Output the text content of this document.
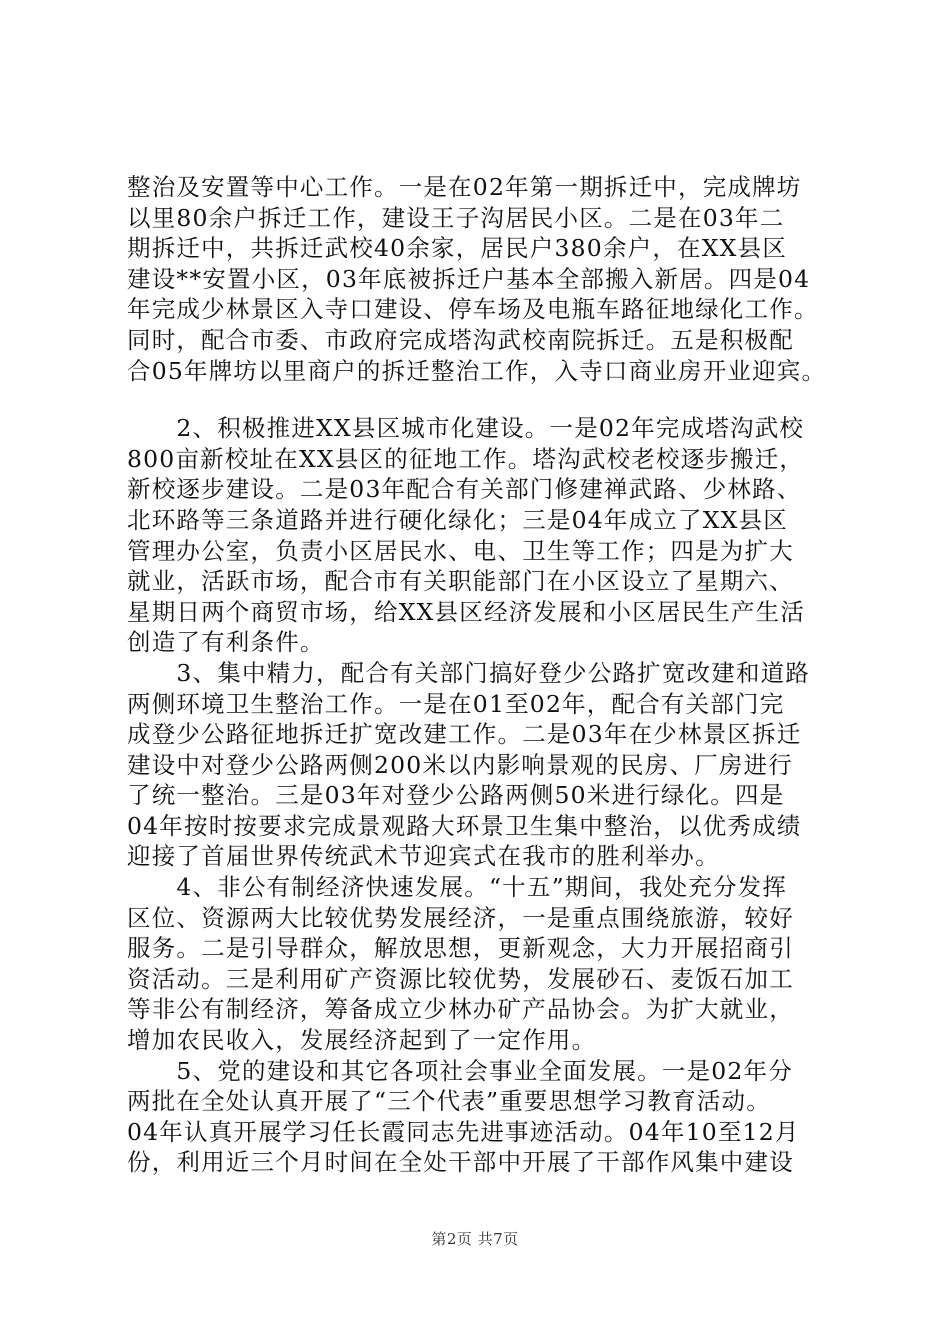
整治及安置等中心工作。一是在02年第一期拆迁中，完成牌坊
以里80余户拆迁工作，建设王子沟居民小区。二是在03年二
期拆迁中，共拆迁武校40余家，居民户380余户，在XX县区
建设**安置小区，03年底被拆迁户基本全部搬入新居。四是04
年完成少林景区入寺口建设、停车场及电瓶车路征地绿化工作。
同时，配合市委、市政府完成塔沟武校南院拆迁。五是积极配
合05年牌坊以里商户的拆迁整治工作，入寺口商业房开业迎宾。
　　2、积极推进XX县区城市化建设。一是02年完成塔沟武校
800亩新校址在XX县区的征地工作。塔沟武校老校逐步搬迁，
新校逐步建设。二是03年配合有关部门修建禅武路、少林路、
北环路等三条道路并进行硬化绿化；三是04年成立了XX县区
管理办公室，负责小区居民水、电、卫生等工作；四是为扩大
就业，活跃市场，配合市有关职能部门在小区设立了星期六、
星期日两个商贸市场，给XX县区经济发展和小区居民生产生活
创造了有利条件。
　　3、集中精力，配合有关部门搞好登少公路扩宽改建和道路
两侧环境卫生整治工作。一是在01至02年，配合有关部门完
成登少公路征地拆迁扩宽改建工作。二是03年在少林景区拆迁
建设中对登少公路两侧200米以内影响景观的民房、厂房进行
了统一整治。三是03年对登少公路两侧50米进行绿化。四是
04年按时按要求完成景观路大环景卫生集中整治，以优秀成绩
迎接了首届世界传统武术节迎宾式在我市的胜利举办。
　　4、非公有制经济快速发展。“十五”期间，我处充分发挥
区位、资源两大比较优势发展经济，一是重点围绕旅游，较好
服务。二是引导群众，解放思想，更新观念，大力开展招商引
资活动。三是利用矿产资源比较优势，发展砂石、麦饭石加工
等非公有制经济，筹备成立少林办矿产品协会。为扩大就业，
增加农民收入，发展经济起到了一定作用。
　　5、党的建设和其它各项社会事业全面发展。一是02年分
两批在全处认真开展了“三个代表”重要思想学习教育活动。
04年认真开展学习任长霞同志先进事迹活动。04年10至12月
份，利用近三个月时间在全处干部中开展了干部作风集中建设
第2页 共7页
